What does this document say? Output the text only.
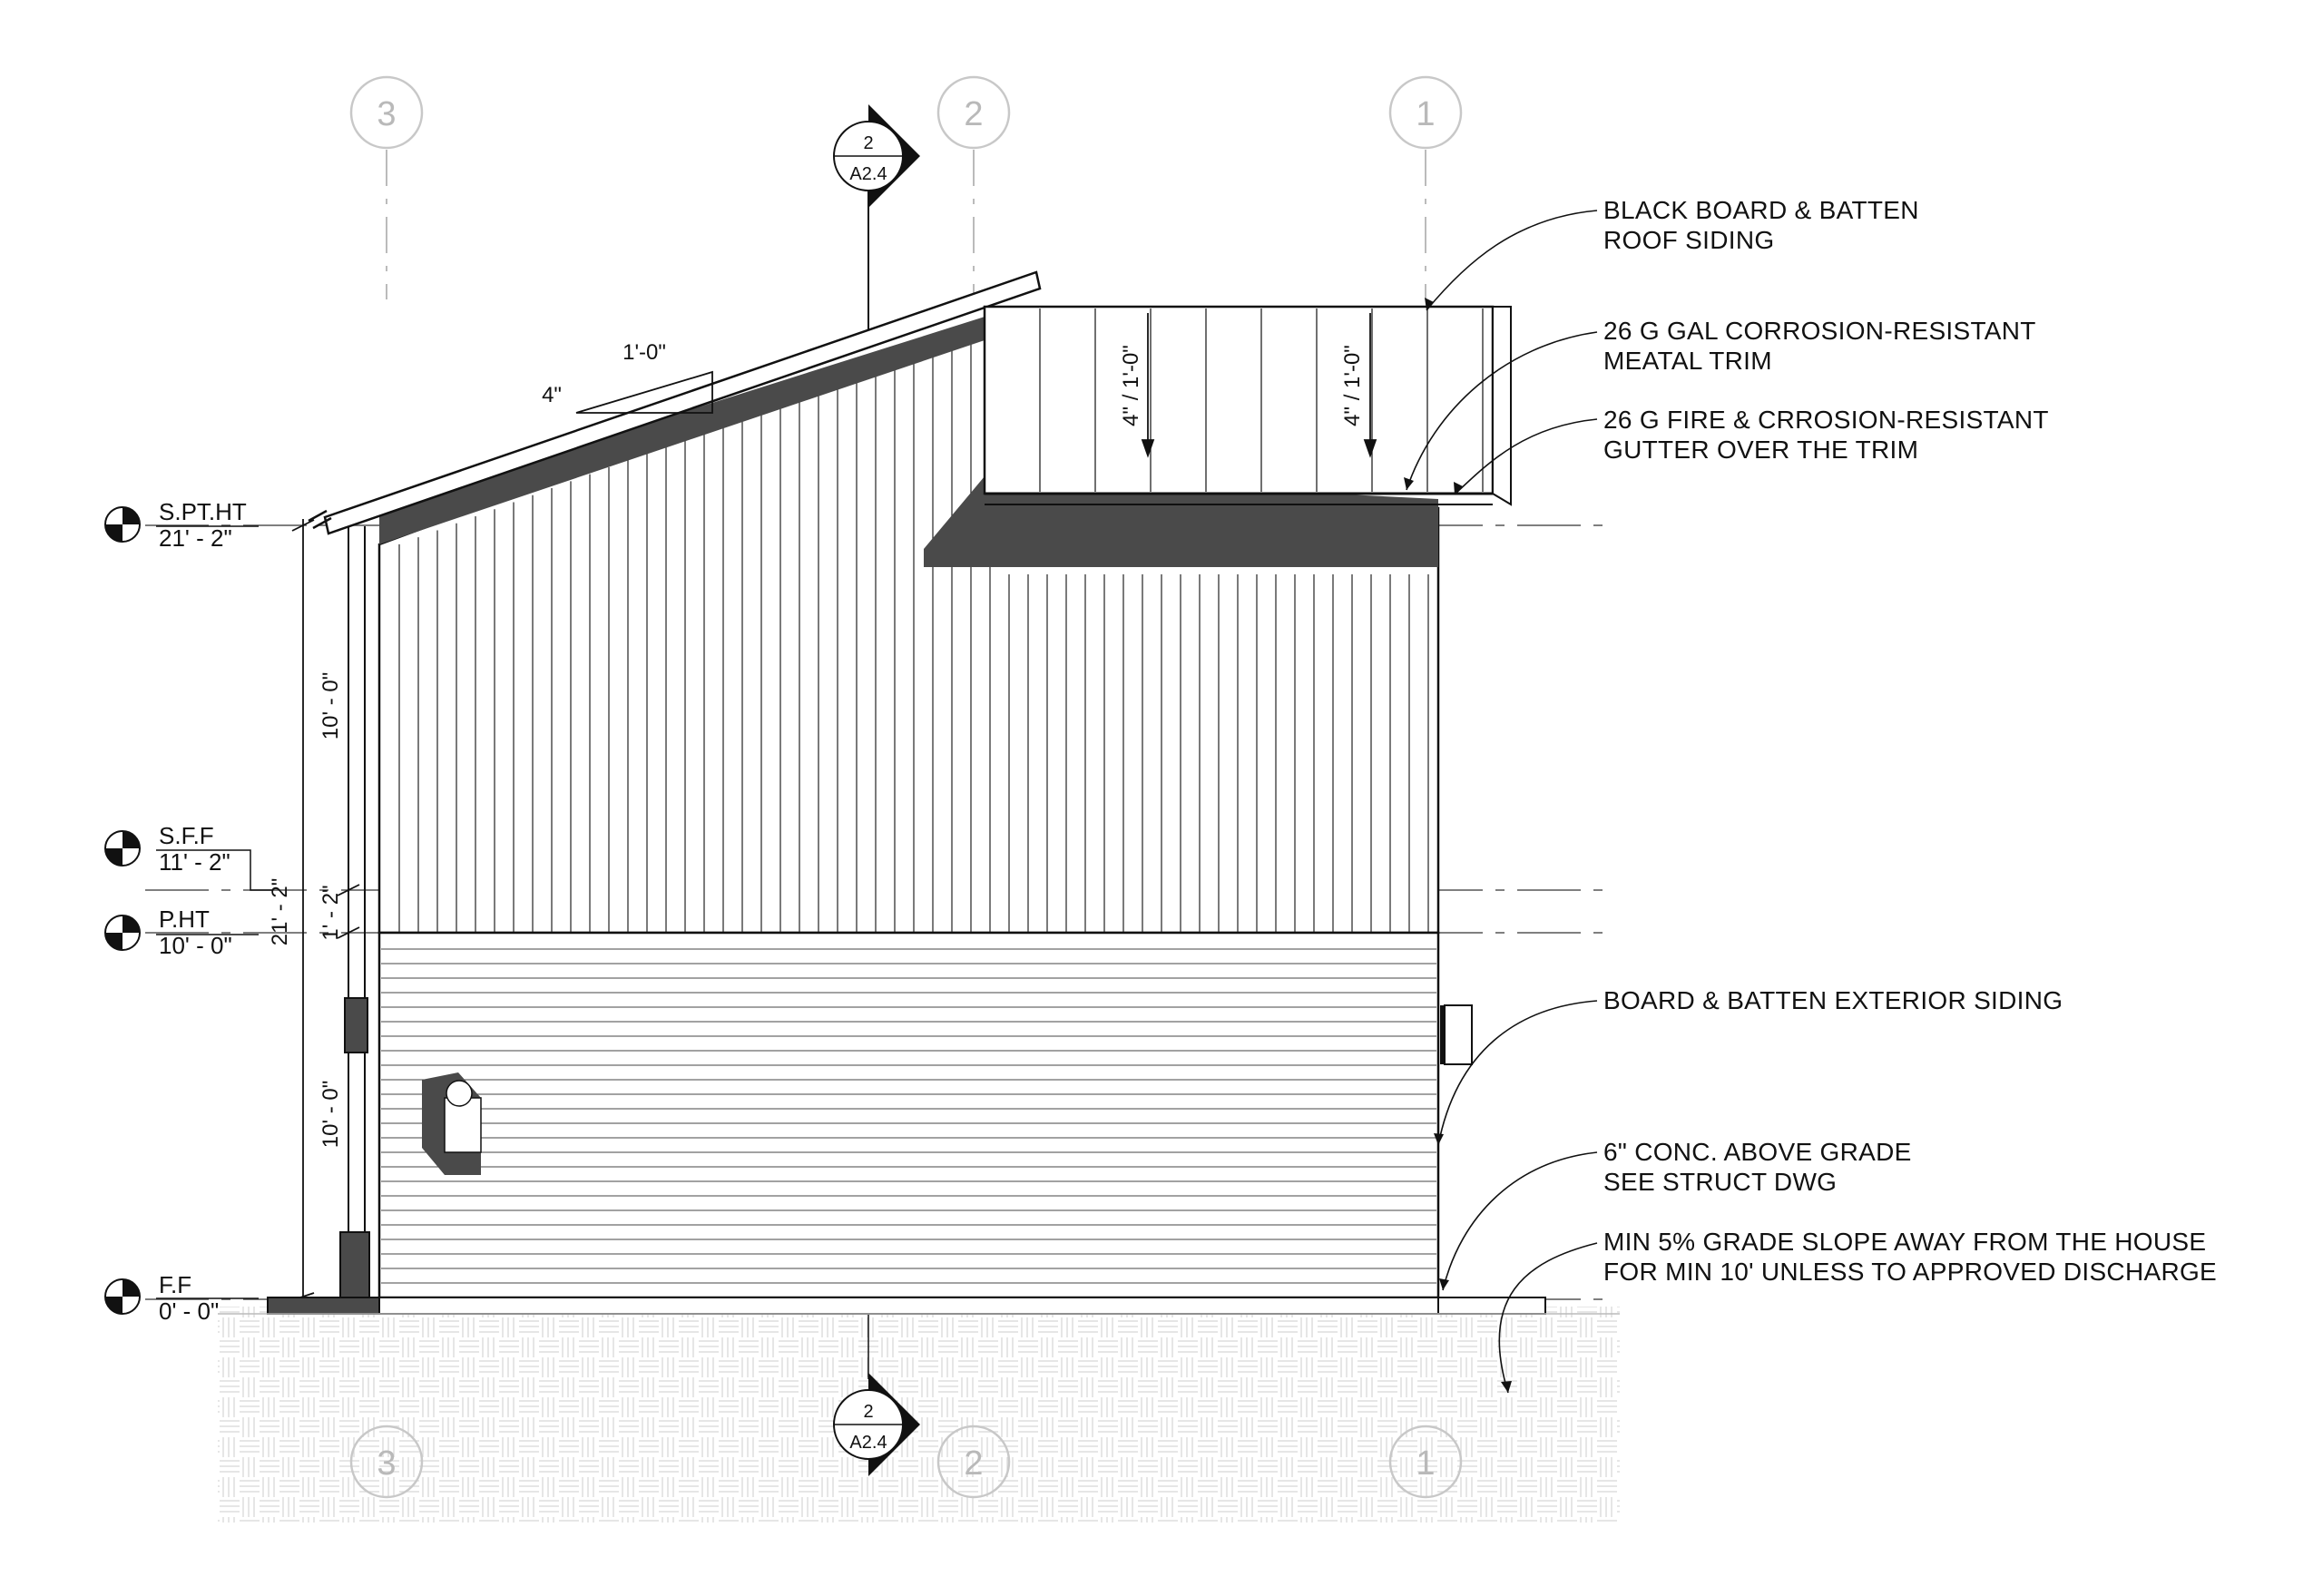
3	2	1
3	2	1
S.PT.HT
21' - 2"
S.F.F
11' - 2"
P.HT
10' - 0"
F.F
0' - 0"
10' - 0"
1' - 2"
21' - 2"
10' - 0"
2
A2.4
2
A2.4
4" / 1'-0"	4" / 1'-0"
1'-0"
4"
BLACK BOARD & BATTEN
ROOF SIDING
26 G GAL CORROSION-RESISTANT
MEATAL TRIM
26 G FIRE & CRROSION-RESISTANT
GUTTER OVER THE TRIM
BOARD & BATTEN EXTERIOR SIDING
6" CONC. ABOVE GRADE
SEE STRUCT DWG
MIN 5% GRADE SLOPE AWAY FROM THE HOUSE
FOR MIN 10' UNLESS TO APPROVED DISCHARGE
